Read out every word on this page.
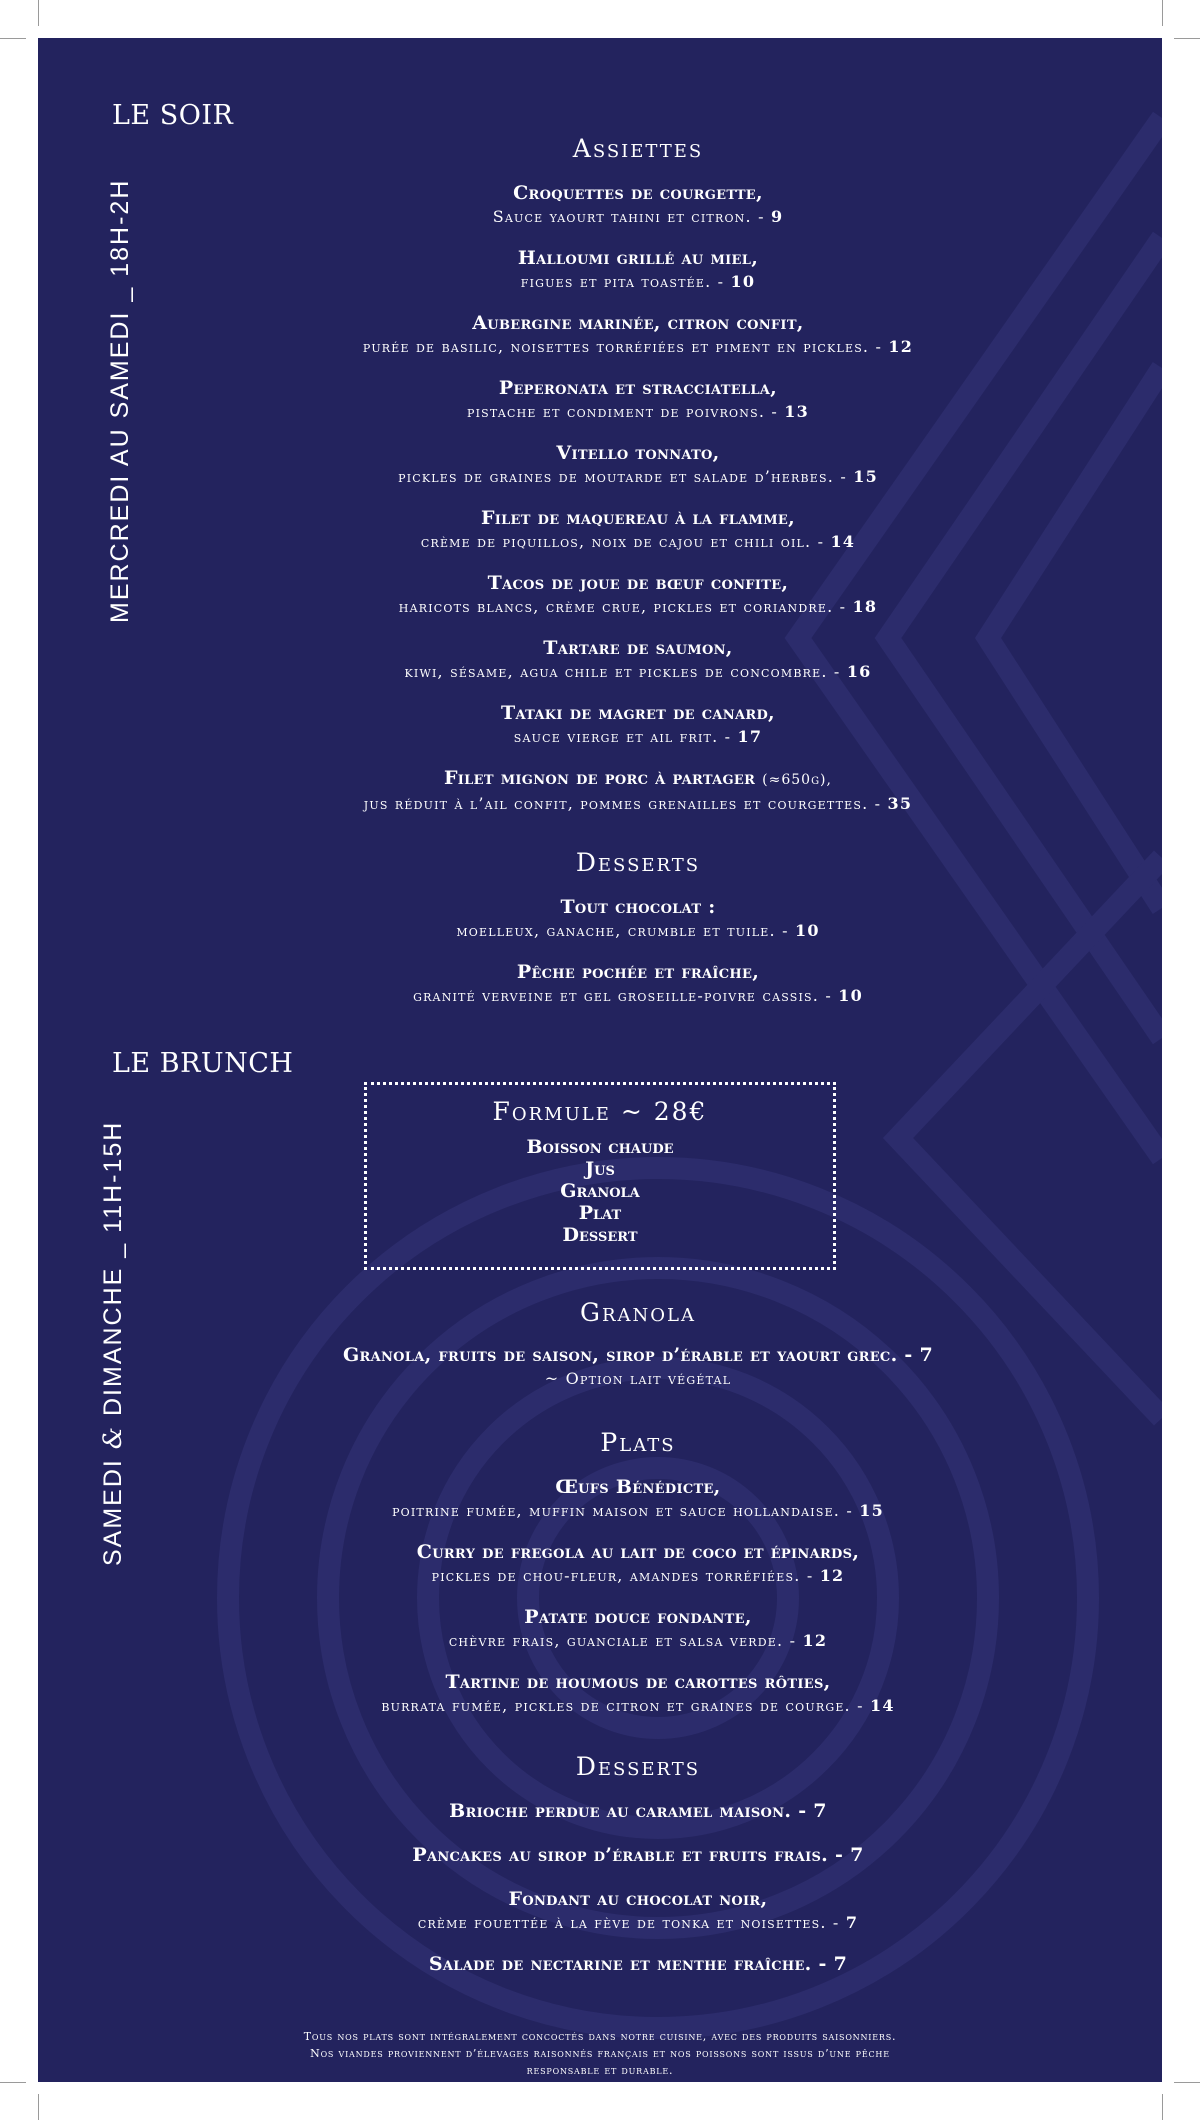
LE SOIR
MERCREDI AU SAMEDI _ 18H-2H
Assiettes
Croquettes de courgette,
Sauce yaourt tahini et citron. - 9
Halloumi grillé au miel,
figues et pita toastée. - 10
Aubergine marinée, citron confit,
purée de basilic, noisettes torréfiées et piment en pickles. - 12
Peperonata et stracciatella,
pistache et condiment de poivrons. - 13
Vitello tonnato,
pickles de graines de moutarde et salade d’herbes. - 15
Filet de maquereau à la flamme,
crème de piquillos, noix de cajou et chili oil. - 14
Tacos de joue de bœuf confite,
haricots blancs, crème crue, pickles et coriandre. - 18
Tartare de saumon,
kiwi, sésame, agua chile et pickles de concombre. - 16
Tataki de magret de canard,
sauce vierge et ail frit. - 17
Filet mignon de porc à partager (≈650g),
jus réduit à l’ail confit, pommes grenailles et courgettes. - 35
Desserts
Tout chocolat :
moelleux, ganache, crumble et tuile. - 10
Pêche pochée et fraîche,
granité verveine et gel groseille-poivre cassis. - 10
LE BRUNCH
SAMEDI & DIMANCHE _ 11H-15H
Formule ~ 28€
Boisson chaude
Jus
Granola
Plat
Dessert
Granola
Granola, fruits de saison, sirop d’érable et yaourt grec. - 7
~ Option lait végétal
Plats
Œufs Bénédicte,
poitrine fumée, muffin maison et sauce hollandaise. - 15
Curry de fregola au lait de coco et épinards,
pickles de chou-fleur, amandes torréfiées. - 12
Patate douce fondante,
chèvre frais, guanciale et salsa verde. - 12
Tartine de houmous de carottes rôties,
burrata fumée, pickles de citron et graines de courge. - 14
Desserts
Brioche perdue au caramel maison. - 7
Pancakes au sirop d’érable et fruits frais. - 7
Fondant au chocolat noir,
crème fouettée à la fève de tonka et noisettes. - 7
Salade de nectarine et menthe fraîche. - 7
Tous nos plats sont intégralement concoctés dans notre cuisine, avec des produits saisonniers.
Nos viandes proviennent d’élevages raisonnés français et nos poissons sont issus d’une pêche
responsable et durable.
